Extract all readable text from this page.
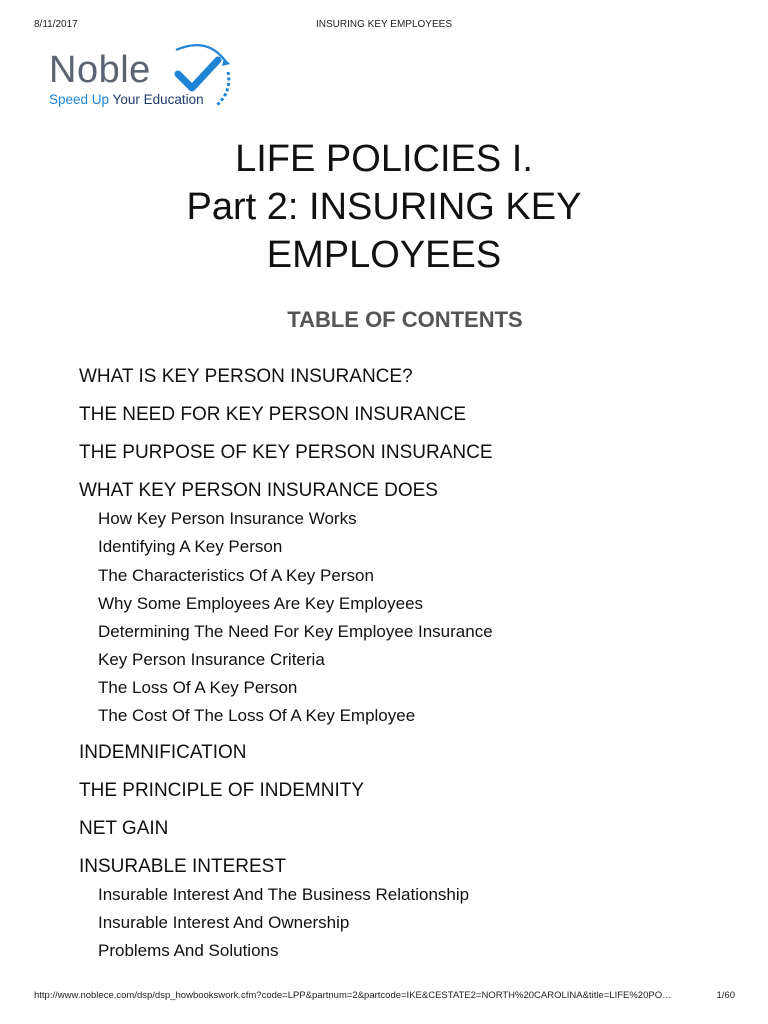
8/11/2017	INSURING KEY EMPLOYEES
Noble
Speed Up Your Education
LIFE POLICIES I.
Part 2: INSURING KEY
EMPLOYEES
TABLE OF CONTENTS
WHAT IS KEY PERSON INSURANCE?
THE NEED FOR KEY PERSON INSURANCE
THE PURPOSE OF KEY PERSON INSURANCE
WHAT KEY PERSON INSURANCE DOES
How Key Person Insurance Works
Identifying A Key Person
The Characteristics Of A Key Person
Why Some Employees Are Key Employees
Determining The Need For Key Employee Insurance
Key Person Insurance Criteria
The Loss Of A Key Person
The Cost Of The Loss Of A Key Employee
INDEMNIFICATION
THE PRINCIPLE OF INDEMNITY
NET GAIN
INSURABLE INTEREST
Insurable Interest And The Business Relationship
Insurable Interest And Ownership
Problems And Solutions
http://www.noblece.com/dsp/dsp_howbookswork.cfm?code=LPP&partnum=2&partcode=IKE&CESTATE2=NORTH%20CAROLINA&title=LIFE%20PO…	1/60
